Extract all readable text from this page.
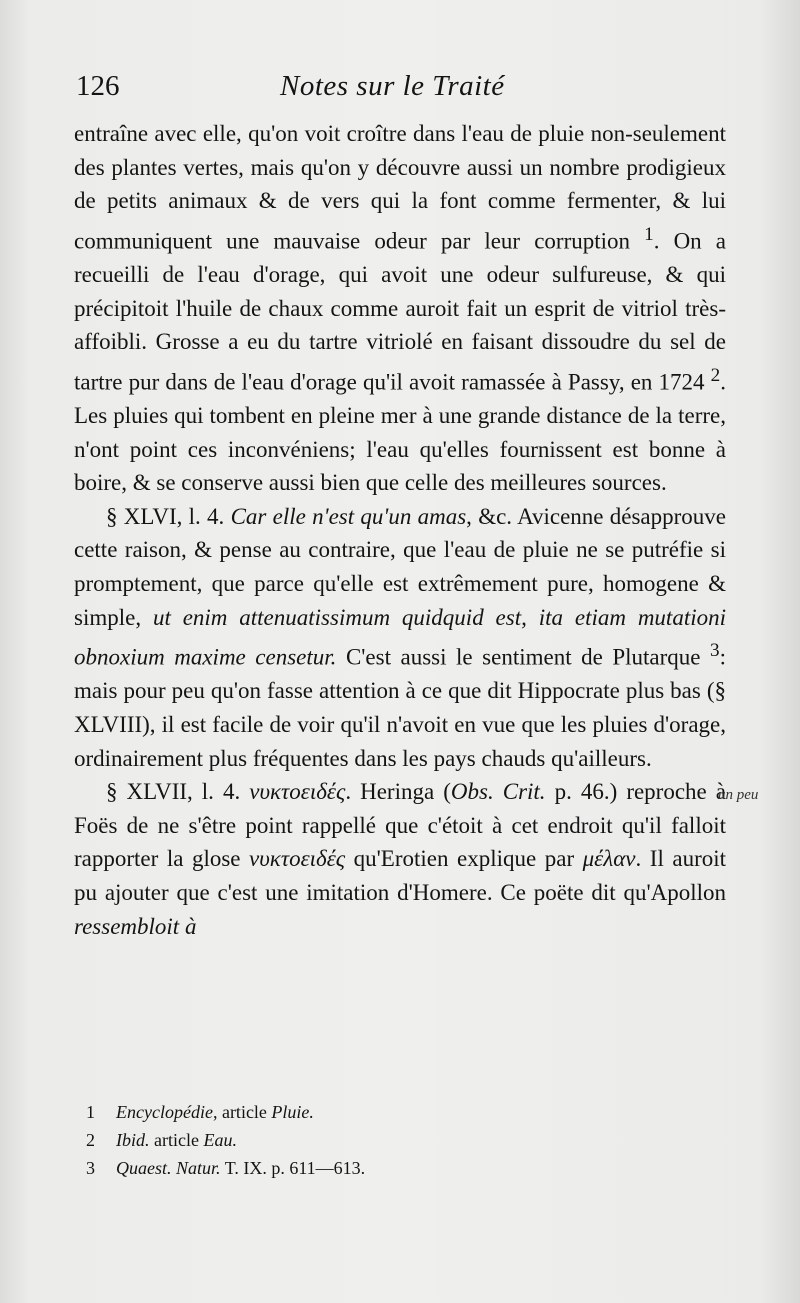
126	Notes sur le Traité

entraîne avec elle, qu'on voit croître dans l'eau de pluie non-seulement des plantes vertes, mais qu'on y découvre aussi un nombre prodigieux de petits animaux & de vers qui la font comme fermenter, & lui communiquent une mauvaise odeur par leur corruption $^1$. On a recueilli de l'eau d'orage, qui avoit une odeur sulfureuse, & qui précipitoit l'huile de chaux comme auroit fait un esprit de vitriol très-affoibli. Grosse a eu du tartre vitriolé en faisant dissoudre du sel de tartre pur dans de l'eau d'orage qu'il avoit ramassée à Passy, en 1724 $^2$. Les pluies qui tombent en pleine mer à une grande distance de la terre, n'ont point ces inconvéniens; l'eau qu'elles fournissent est bonne à boire, & se conserve aussi bien que celle des meilleures sources.

§ XLVI, l. 4. Car elle n'est qu'un amas, &c. Avicenne désapprouve cette raison, & pense au contraire, que l'eau de pluie ne se putréfie si promptement, que parce qu'elle est extrêmement pure, homogene & simple, ut enim attenuatissimum quidquid est, ita etiam mutationi obnoxium maxime censetur. C'est aussi le sentiment de Plutarque $^3$: mais pour peu qu'on fasse attention à ce que dit Hippocrate plus bas (§ XLVIII), il est facile de voir qu'il n'avoit en vue que les pluies d'orage, ordinairement plus fréquentes dans les pays chauds qu'ailleurs.

§ XLVII, l. 4. νυκτοειδές. Heringa (Obs. Crit. p. 46.) reproche à Foës de ne s'être point rappellé que c'étoit à cet endroit qu'il falloit rapporter la glose νυκτοειδές qu'Erotien explique par μέλαν. Il auroit pu ajouter que c'est une imitation d'Homere. Ce poëte dit qu'Apollon ressembloit à

un peu
1 Encyclopédie, article Pluie.
2 Ibid. article Eau.
3 Quaest. Natur. T. IX. p. 611—613.
